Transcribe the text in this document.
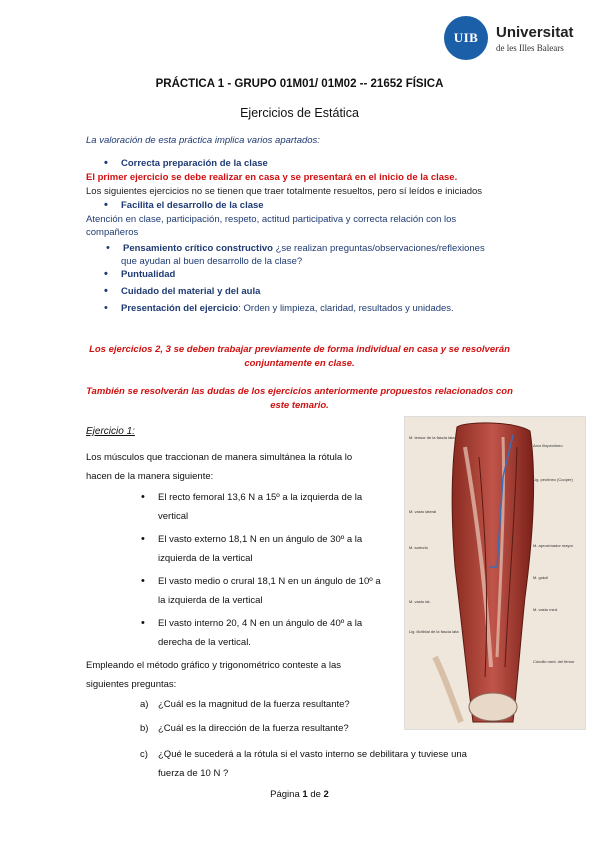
UIB	Universitat
de les Illes Balears
PRÁCTICA 1 - GRUPO 01M01/ 01M02 -- 21652 FÍSICA
Ejercicios de Estática
La valoración de esta práctica implica varios apartados:
• Correcta preparación de la clase
El primer ejercicio se debe realizar en casa y se presentará en el inicio de la clase.
Los siguientes ejercicios no se tienen que traer totalmente resueltos, pero sí leídos e iniciados
• Facilita el desarrollo de la clase
Atención en clase, participación, respeto, actitud participativa y correcta relación con los
compañeros
• Pensamiento crítico constructivo ¿se realizan preguntas/observaciones/reflexiones
que ayudan al buen desarrollo de la clase?
• Puntualidad
• Cuidado del material y del aula
• Presentación del ejercicio: Orden y limpieza, claridad, resultados y unidades.
Los ejercicios 2, 3 se deben trabajar previamente de forma individual en casa y se resolverán
conjuntamente en clase.
También se resolverán las dudas de los ejercicios anteriormente propuestos relacionados con
este temario.
Ejercicio 1:
Los músculos que traccionan de manera simultánea la rótula lo
hacen de la manera siguiente:
• El recto femoral 13,6 N a 15º a la izquierda de la
vertical
• El vasto externo 18,1 N en un ángulo de 30º a la
izquierda de la vertical
• El vasto medio o crural 18,1 N en un ángulo de 10º a
la izquierda de la vertical
• El vasto interno 20, 4 N en un ángulo de 40º a la
derecha de la vertical.
Empleando el método gráfico y trigonométrico conteste a las
siguientes preguntas:
a) ¿Cuál es la magnitud de la fuerza resultante?
b) ¿Cuál es la dirección de la fuerza resultante?
c) ¿Qué le sucederá a la rótula si el vasto interno se debilitara y tuviese una
fuerza de 10 N ?
M. tensor de la fascia lata
Arco iliopectíneo
Lig. pectíneo (Cooper)
M. vasto lateral
M. sartorio	M. aproximador mayor
M. grácil
M. vasto lat.
M. vasto med.
Lig. iliotibial de la fascia lata
Cóndilo med. del fémur
Página 1 de 2
